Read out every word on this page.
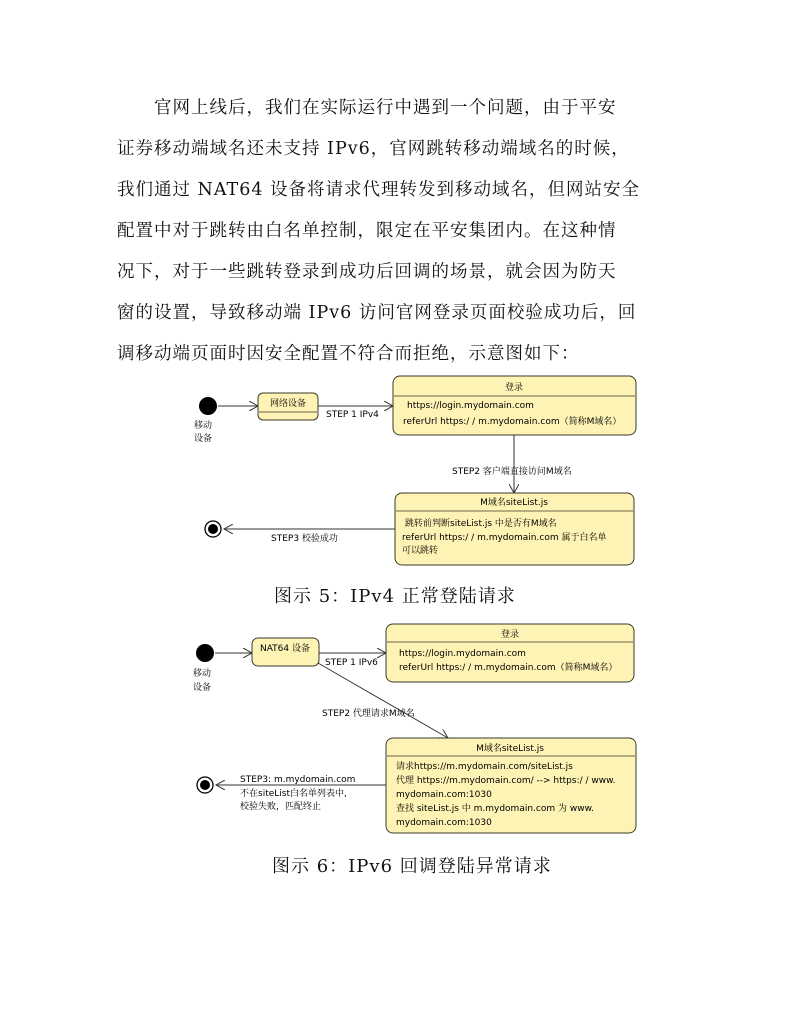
官网上线后，我们在实际运行中遇到一个问题，由于平安
证券移动端域名还未支持 IPv6，官网跳转移动端域名的时候，
我们通过 NAT64 设备将请求代理转发到移动域名，但网站安全
配置中对于跳转由白名单控制，限定在平安集团内。在这种情
况下，对于一些跳转登录到成功后回调的场景，就会因为防天
窗的设置，导致移动端 IPv6 访问官网登录页面校验成功后，回
调移动端页面时因安全配置不符合而拒绝，示意图如下：
移动
设备
网络设备
STEP 1 IPv4
登录
https://login.mydomain.com
referUrl https:/ / m.mydomain.com（简称M域名）
STEP2 客户端直接访问M域名
M域名siteList.js
跳转前判断siteList.js 中是否有M域名
referUrl https:/ / m.mydomain.com 属于白名单
可以跳转
STEP3 校验成功
移动
设备
NAT64 设备
STEP 1 IPv6
登录
https://login.mydomain.com
referUrl https:/ / m.mydomain.com（简称M域名）
STEP2 代理请求M域名
M域名siteList.js
请求https://m.mydomain.com/siteList.js
代理 https://m.mydomain.com/ --> https:/ / www.
mydomain.com:1030
查找 siteList.js 中 m.mydomain.com 为 www.
mydomain.com:1030
STEP3: m.mydomain.com
不在siteList白名单列表中,
校验失败，匹配终止
图示 5：IPv4 正常登陆请求
图示 6：IPv6 回调登陆异常请求
